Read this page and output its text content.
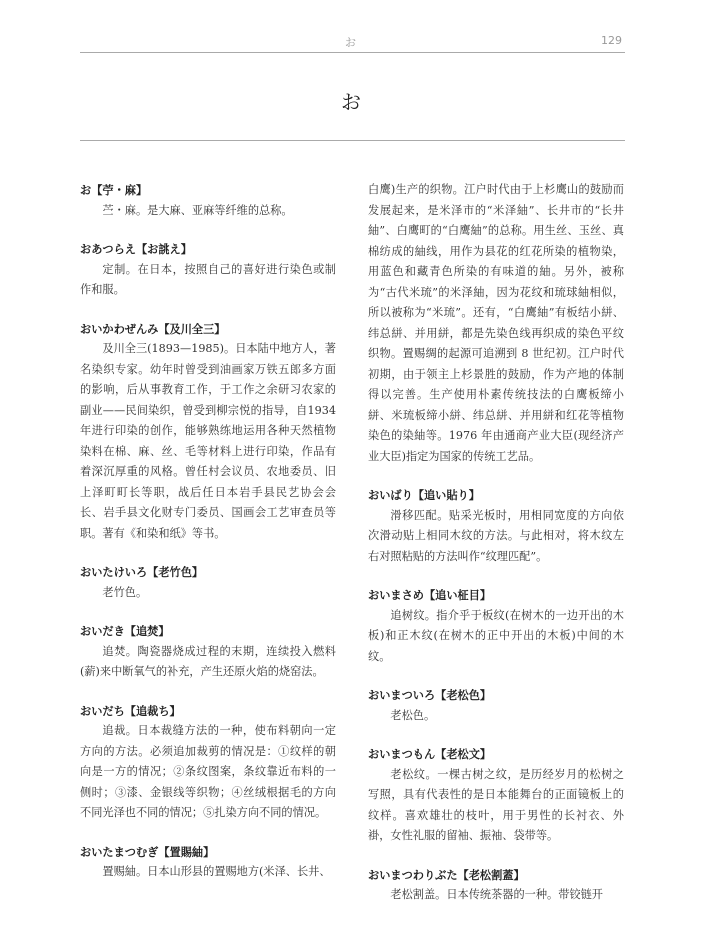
お	129
お
お【苧・麻】

苎・麻。是大麻、亚麻等纤维的总称。

おあつらえ【お誂え】

定制。在日本，按照自己的喜好进行染色或制作和服。

おいかわぜんみ【及川全三】

及川全三(1893—1985)。日本陆中地方人，著名染织专家。幼年时曾受到油画家万铁五郎多方面的影响，后从事教育工作，于工作之余研习农家的副业——民间染织，曾受到柳宗悦的指导，自1934年进行印染的创作，能够熟练地运用各种天然植物染料在棉、麻、丝、毛等材料上进行印染，作品有着深沉厚重的风格。曾任村会议员、农地委员、旧上泽町町长等职，战后任日本岩手县民艺协会会长、岩手县文化财专门委员、国画会工艺审查员等职。著有《和染和纸》等书。

おいたけいろ【老竹色】

老竹色。

おいだき【追焚】

追焚。陶瓷器烧成过程的末期，连续投入燃料(薪)来中断氧气的补充，产生还原火焰的烧窑法。

おいだち【追裁ち】

追裁。日本裁缝方法的一种，使布料朝向一定方向的方法。必须追加裁剪的情况是：①纹样的朝向是一方的情况；②条纹图案，条纹靠近布料的一侧时；③漆、金银线等织物；④丝绒根据毛的方向不同光泽也不同的情况；⑤扎染方向不同的情况。

おいたまつむぎ【置賜紬】

置赐紬。日本山形县的置赐地方(米泽、长井、

白鹰)生产的织物。江户时代由于上杉鹰山的鼓励而发展起来，是米泽市的“米泽紬”、长井市的“长井紬”、白鹰町的“白鹰紬”的总称。用生丝、玉丝、真棉纺成的紬线，用作为县花的红花所染的植物染，用蓝色和藏青色所染的有味道的紬。另外，被称为“古代米琉”的米泽紬，因为花纹和琉球紬相似，所以被称为“米琉”。还有，“白鹰紬”有板结小絣、纬总絣、并用絣，都是先染色线再织成的染色平纹织物。置赐绸的起源可追溯到 8 世纪初。江户时代初期，由于领主上杉景胜的鼓励，作为产地的体制得以完善。生产使用朴素传统技法的白鹰板缔小絣、米琉板缔小絣、纬总絣、并用絣和红花等植物染色的染紬等。1976 年由通商产业大臣(现经济产业大臣)指定为国家的传统工艺品。

おいばり【追い貼り】

滑移匹配。贴采光板时，用相同宽度的方向依次滑动贴上相同木纹的方法。与此相对，将木纹左右对照粘贴的方法叫作“纹理匹配”。

おいまさめ【追い柾目】

追树纹。指介乎于板纹(在树木的一边开出的木板)和正木纹(在树木的正中开出的木板)中间的木纹。

おいまついろ【老松色】

老松色。

おいまつもん【老松文】

老松纹。一棵古树之纹，是历经岁月的松树之写照，具有代表性的是日本能舞台的正面镜板上的纹样。喜欢雄壮的枝叶，用于男性的长衬衣、外褂，女性礼服的留袖、振袖、袋带等。

おいまつわりぶた【老松割蓋】

老松割盖。日本传统茶器的一种。带铰链开
